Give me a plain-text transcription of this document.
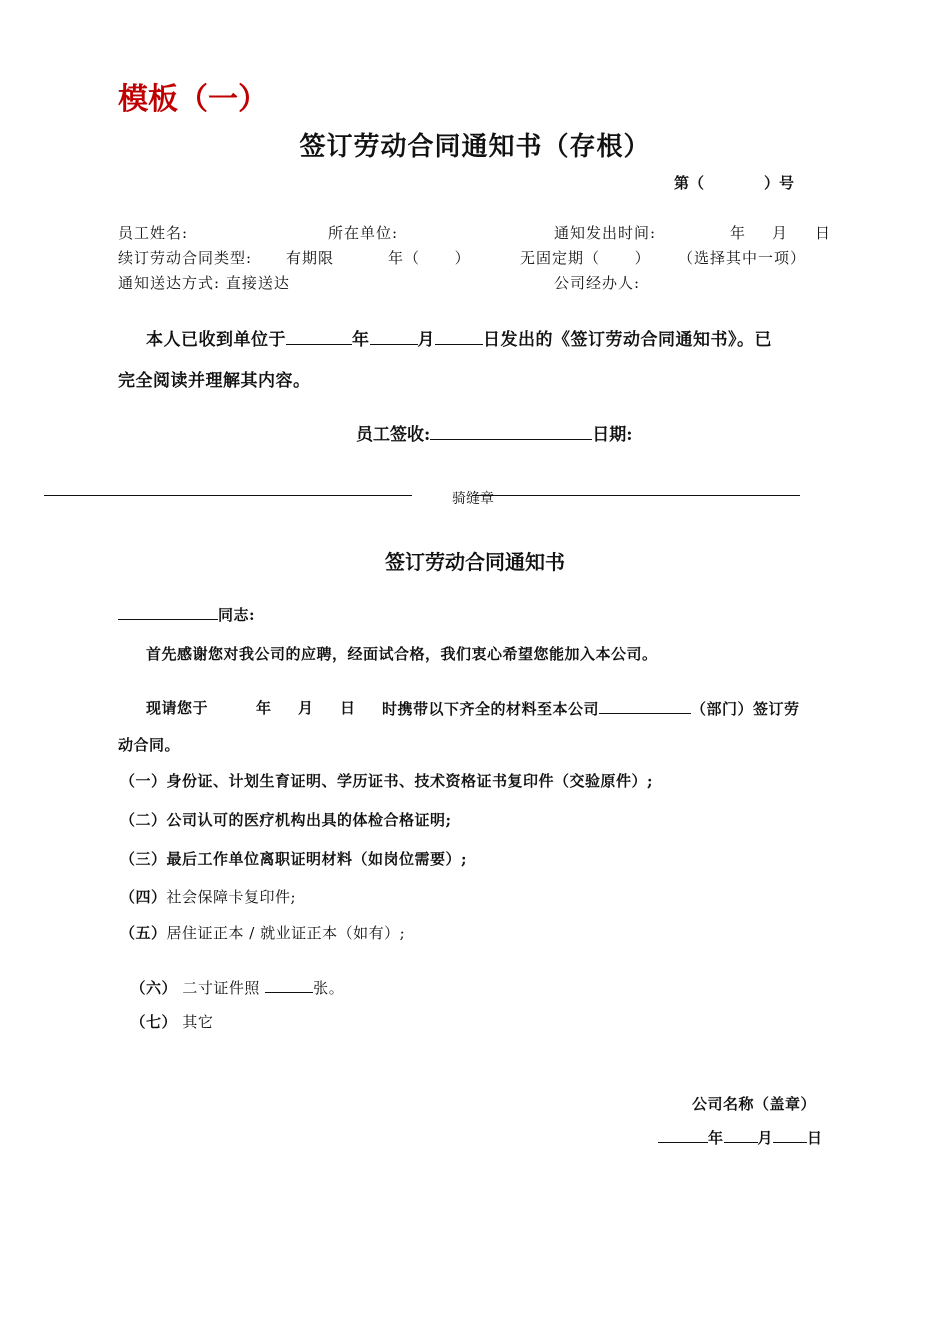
模板（一）
签订劳动合同通知书（存根）
第（	）号
员工姓名:	所在单位:	通知发出时间:	年 月 日
续订劳动合同类型: 有期限	年（      ）	无固定期（      ） （选择其中一项）
通知送达方式: 直接送达	公司经办人:
本人已收到单位于	年	月	日发出的《签订劳动合同通知书》。已
完全阅读并理解其内容。
员工签收:	日期:
骑缝章
签订劳动合同通知书
同志:
首先感谢您对我公司的应聘，经面试合格，我们衷心希望您能加入本公司。
现请您于	年 月 日 时携带以下齐全的材料至本公司	（部门）签订劳
动合同。
（一）身份证、计划生育证明、学历证书、技术资格证书复印件（交验原件）;
（二）公司认可的医疗机构出具的体检合格证明;
（三）最后工作单位离职证明材料（如岗位需要）;
（四）社会保障卡复印件;
（五）居住证正本 / 就业证正本（如有）;

（六） 二寸证件照	张。

（七） 其它

公司名称（盖章）
年 月 日
